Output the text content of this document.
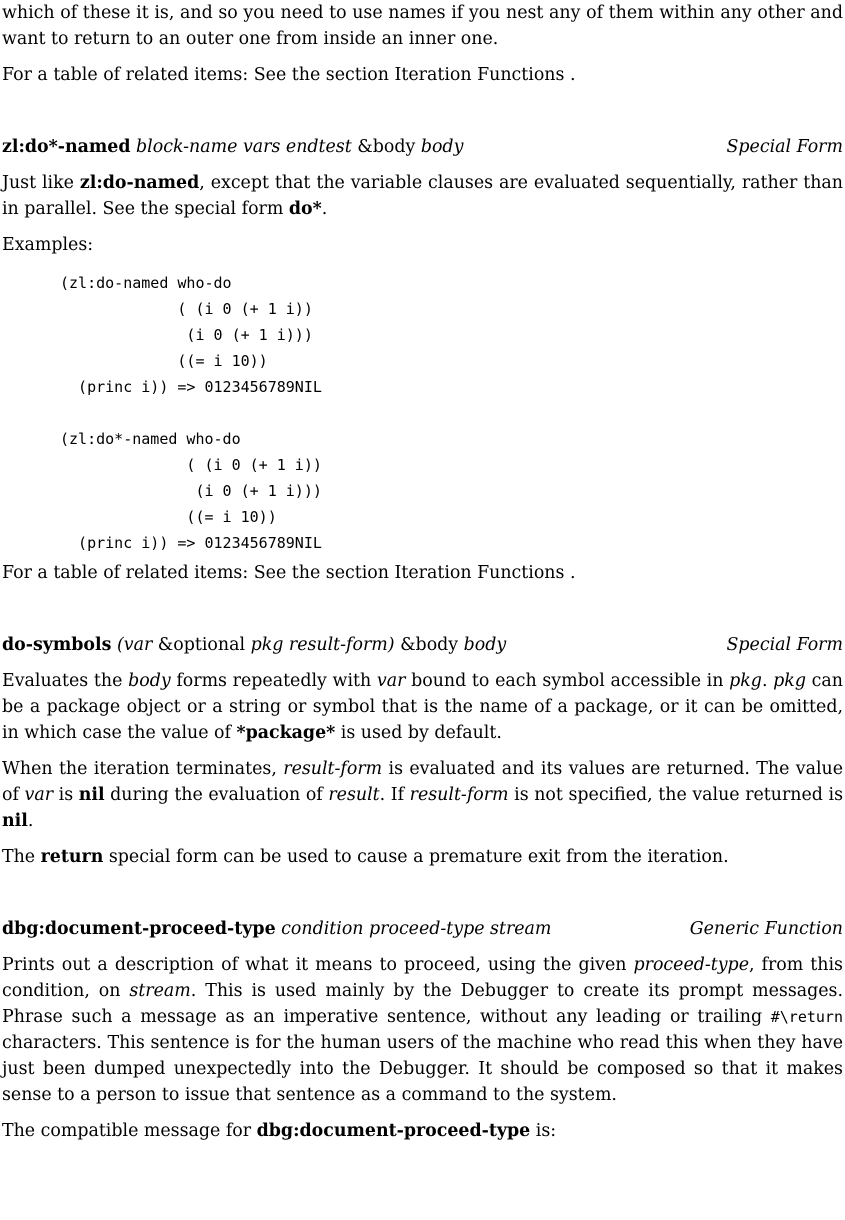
which of these it is, and so you need to use names if you nest any of them within any other and want to return to an outer one from inside an inner one.

For a table of related items: See the section Iteration Functions .

zl:do*-named block-name vars endtest &body body	Special Form

Just like zl:do-named, except that the variable clauses are evaluated sequentially, rather than in parallel. See the special form do*.

Examples:

(zl:do-named who-do
( (i 0 (+ 1 i))
(i 0 (+ 1 i)))
((= i 10))
(princ i)) => 0123456789NIL

(zl:do*-named who-do
( (i 0 (+ 1 i))
(i 0 (+ 1 i)))
((= i 10))
(princ i)) => 0123456789NIL

For a table of related items: See the section Iteration Functions .

do-symbols (var &optional pkg result-form) &body body	Special Form

Evaluates the body forms repeatedly with var bound to each symbol accessible in pkg. pkg can be a package object or a string or symbol that is the name of a package, or it can be omitted, in which case the value of *package* is used by default.

When the iteration terminates, result-form is evaluated and its values are returned. The value of var is nil during the evaluation of result. If result-form is not specified, the value returned is nil.

The return special form can be used to cause a premature exit from the iteration.

dbg:document-proceed-type condition proceed-type stream	Generic Function

Prints out a description of what it means to proceed, using the given proceed-type, from this condition, on stream. This is used mainly by the Debugger to create its prompt messages. Phrase such a message as an imperative sentence, without any leading or trailing #\return characters. This sentence is for the human users of the machine who read this when they have just been dumped unexpectedly into the Debugger. It should be composed so that it makes sense to a person to issue that sentence as a command to the system.

The compatible message for dbg:document-proceed-type is:
